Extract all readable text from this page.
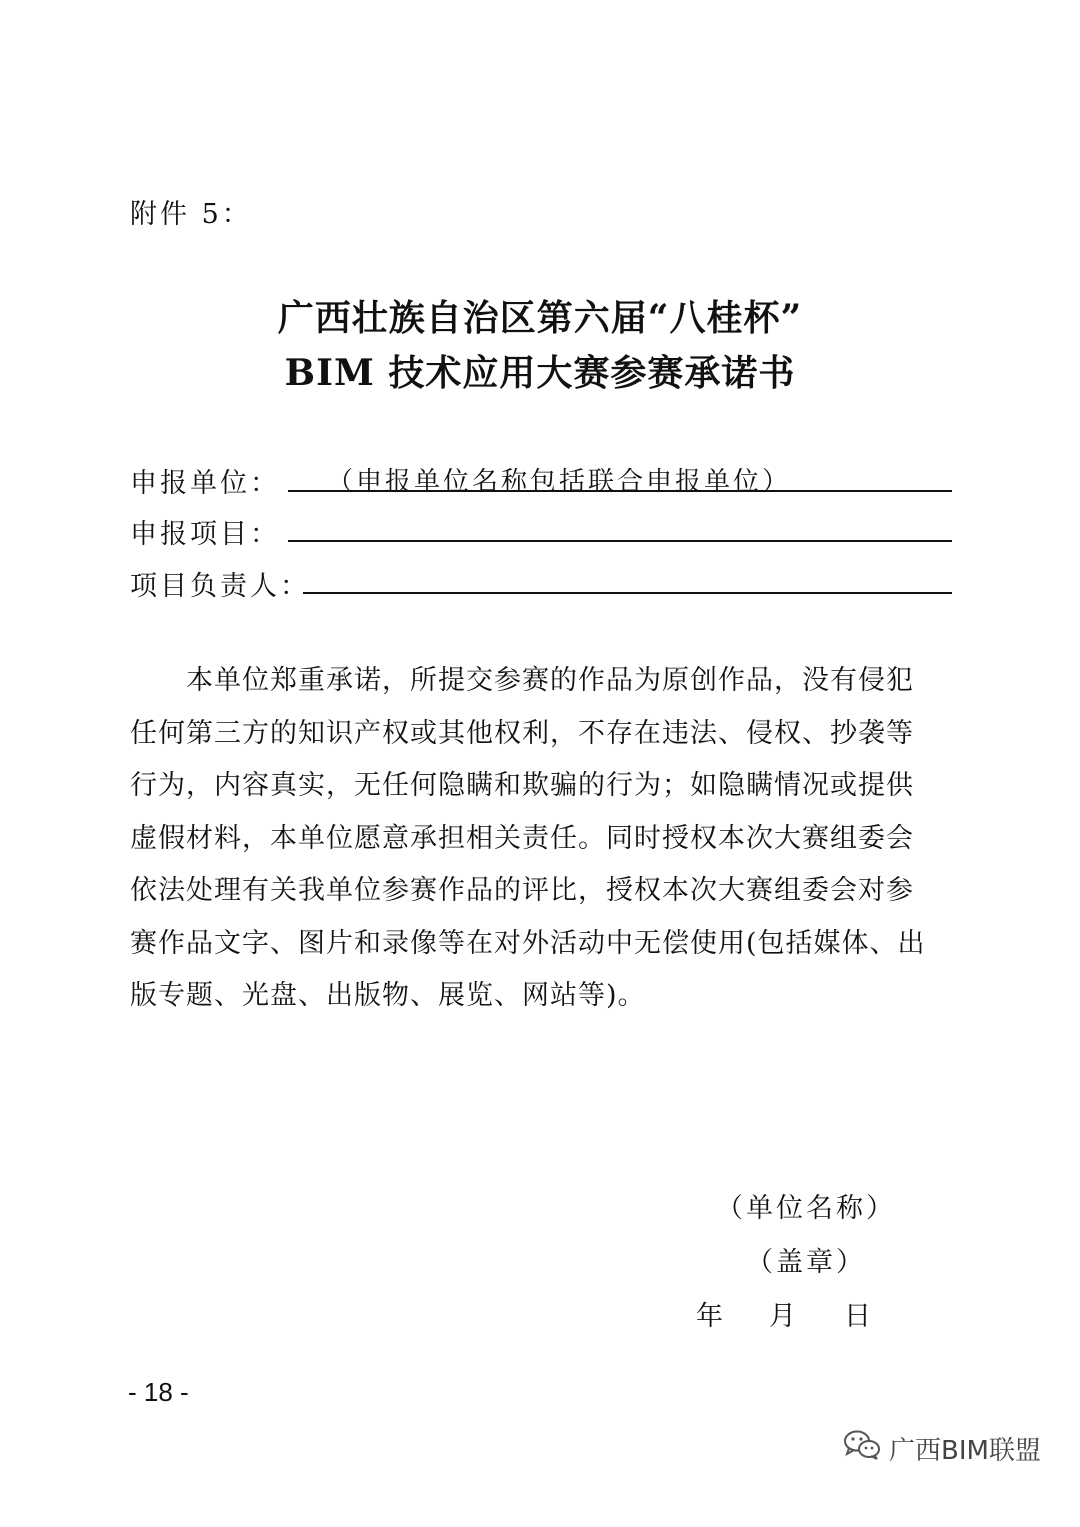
附件 5：
广西壮族自治区第六届“八桂杯”
BIM 技术应用大赛参赛承诺书
申报单位： （申报单位名称包括联合申报单位）
申报项目：
项目负责人：
本单位郑重承诺，所提交参赛的作品为原创作品，没有侵犯
任何第三方的知识产权或其他权利，不存在违法、侵权、抄袭等
行为，内容真实，无任何隐瞒和欺骗的行为；如隐瞒情况或提供
虚假材料，本单位愿意承担相关责任。同时授权本次大赛组委会
依法处理有关我单位参赛作品的评比，授权本次大赛组委会对参
赛作品文字、图片和录像等在对外活动中无偿使用(包括媒体、出
版专题、光盘、出版物、展览、网站等)。
（单位名称）
（盖章）
年 月 日
- 18 -
广西BIM联盟
